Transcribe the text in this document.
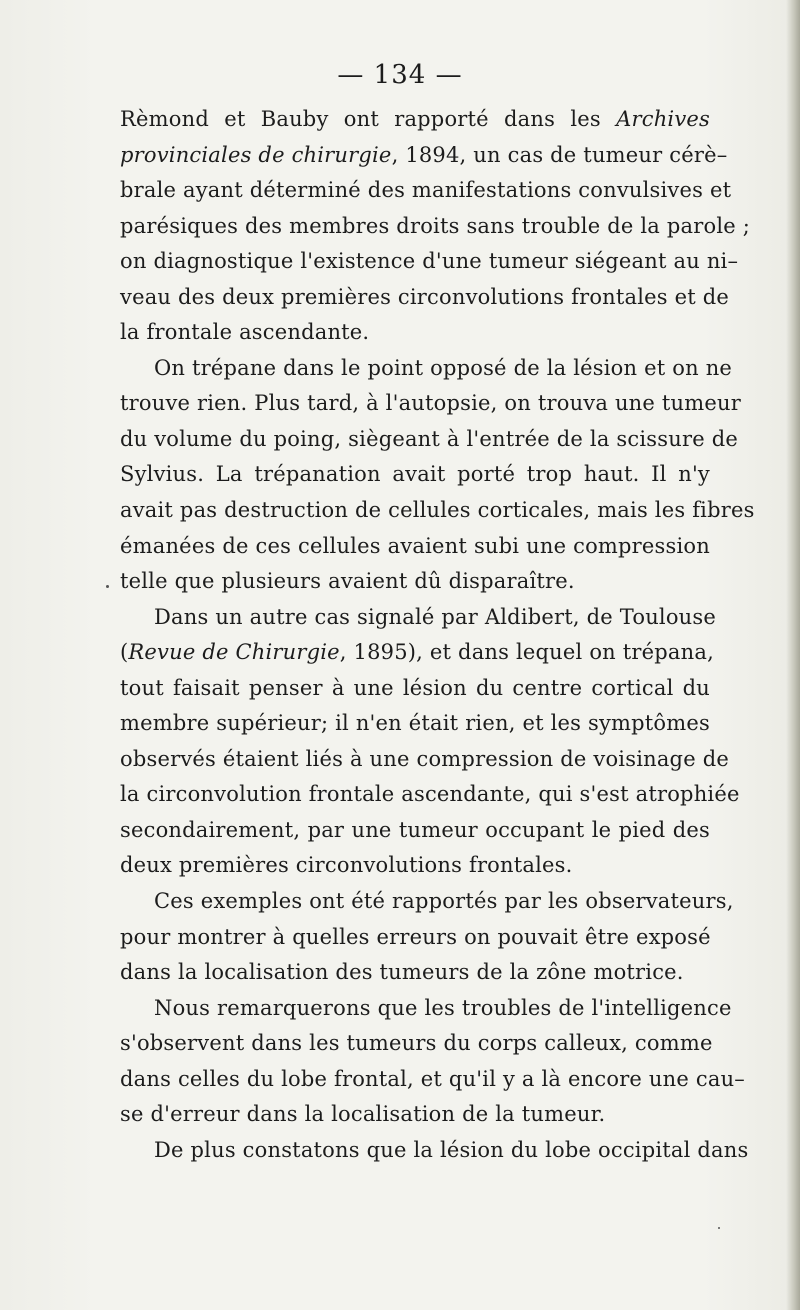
— 134 —
Rèmond et Bauby ont rapporté dans les Archives
provinciales de chirurgie, 1894, un cas de tumeur cérè–
brale ayant déterminé des manifestations convulsives et
parésiques des membres droits sans trouble de la parole ;
on diagnostique l'existence d'une tumeur siégeant au ni–
veau des deux premières circonvolutions frontales et de
la frontale ascendante.
On trépane dans le point opposé de la lésion et on ne
trouve rien. Plus tard, à l'autopsie, on trouva une tumeur
du volume du poing, siègeant à l'entrée de la scissure de
Sylvius. La trépanation avait porté trop haut. Il n'y
avait pas destruction de cellules corticales, mais les fibres
émanées de ces cellules avaient subi une compression
telle que plusieurs avaient dû disparaître.
Dans un autre cas signalé par Aldibert, de Toulouse
(Revue de Chirurgie, 1895), et dans lequel on trépana,
tout faisait penser à une lésion du centre cortical du
membre supérieur; il n'en était rien, et les symptômes
observés étaient liés à une compression de voisinage de
la circonvolution frontale ascendante, qui s'est atrophiée
secondairement, par une tumeur occupant le pied des
deux premières circonvolutions frontales.
Ces exemples ont été rapportés par les observateurs,
pour montrer à quelles erreurs on pouvait être exposé
dans la localisation des tumeurs de la zône motrice.
Nous remarquerons que les troubles de l'intelligence
s'observent dans les tumeurs du corps calleux, comme
dans celles du lobe frontal, et qu'il y a là encore une cau–
se d'erreur dans la localisation de la tumeur.
De plus constatons que la lésion du lobe occipital dans
